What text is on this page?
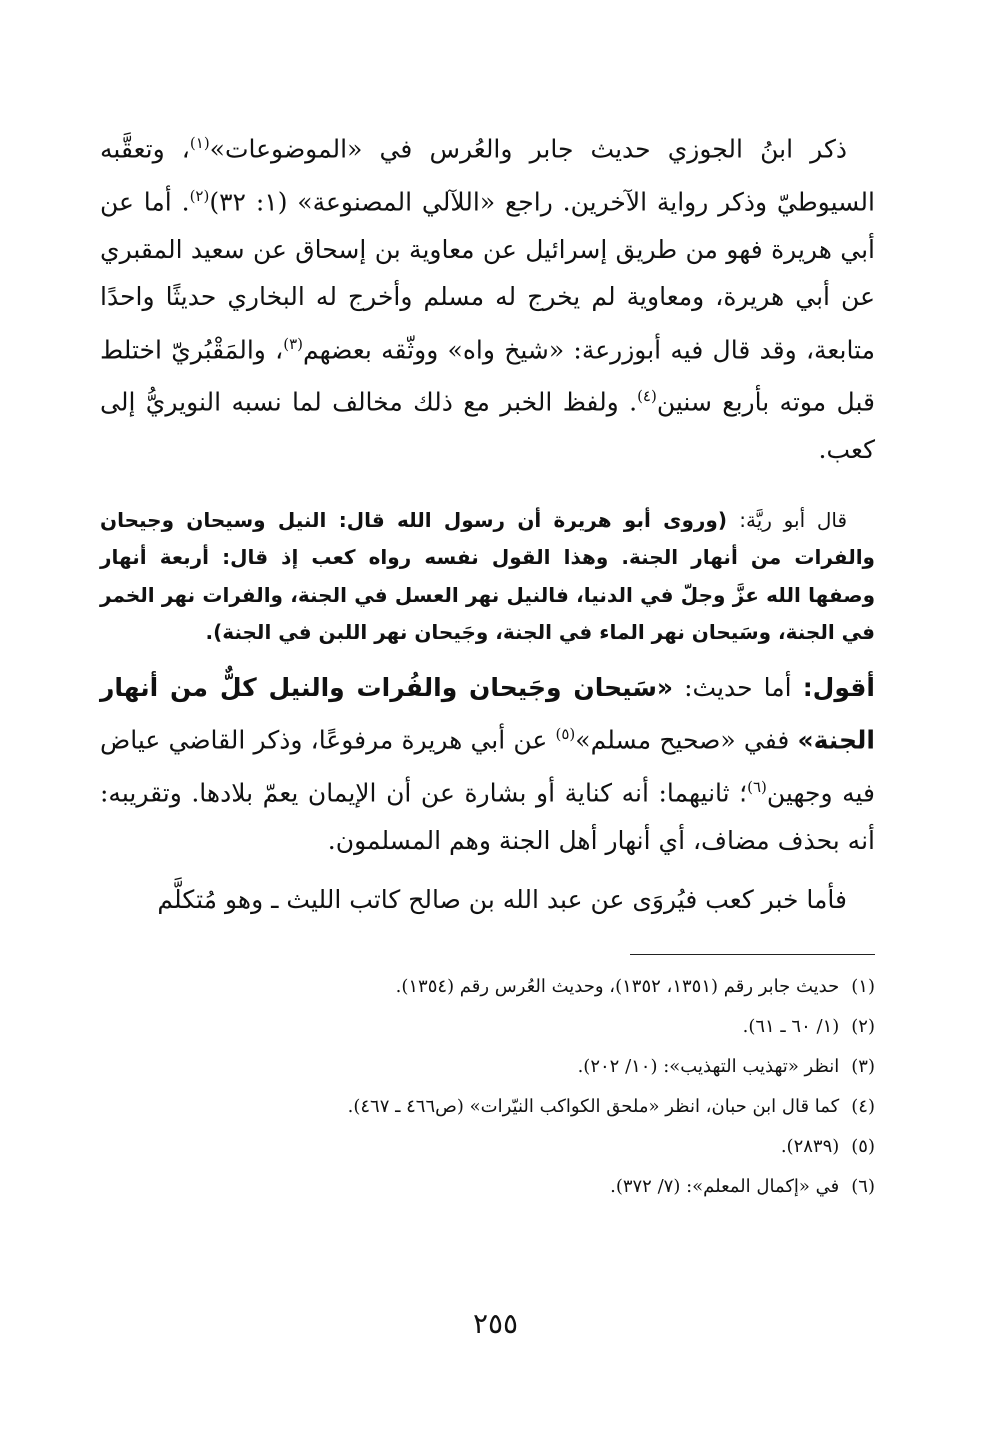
ذكر ابنُ الجوزي حديث جابر والعُرس في «الموضوعات»$^{(١)}$، وتعقَّبه السيوطيّ وذكر رواية الآخرين. راجع «اللآلي المصنوعة» (١: ٣٢)$^{(٢)}$. أما عن أبي هريرة فهو من طريق إسرائيل عن معاوية بن إسحاق عن سعيد المقبري عن أبي هريرة، ومعاوية لم يخرج له مسلم وأخرج له البخاري حديثًا واحدًا متابعة، وقد قال فيه أبوزرعة: «شيخ واه» ووثّقه بعضهم$^{(٣)}$، والمَقْبُريّ اختلط قبل موته بأربع سنين$^{(٤)}$. ولفظ الخبر مع ذلك مخالف لما نسبه النويريُّ إلى كعب.

قال أبو ريَّة: (وروى أبو هريرة أن رسول الله قال: النيل وسيحان وجيحان والفرات من أنهار الجنة. وهذا القول نفسه رواه كعب إذ قال: أربعة أنهار وصفها الله عزَّ وجلّ في الدنيا، فالنيل نهر العسل في الجنة، والفرات نهر الخمر في الجنة، وسَيحان نهر الماء في الجنة، وجَيحان نهر اللبن في الجنة).

أقول: أما حديث: «سَيحان وجَيحان والفُرات والنيل كلٌّ من أنهار الجنة» ففي «صحيح مسلم»$^{(٥)}$ عن أبي هريرة مرفوعًا، وذكر القاضي عياض فيه وجهين$^{(٦)}$؛ ثانيهما: أنه كناية أو بشارة عن أن الإيمان يعمّ بلادها. وتقريبه: أنه بحذف مضاف، أي أنهار أهل الجنة وهم المسلمون.

فأما خبر كعب فيُروَى عن عبد الله بن صالح كاتب الليث ـ وهو مُتكلَّم

(١)
حديث جابر رقم (١٣٥١، ١٣٥٢)، وحديث العُرس رقم (١٣٥٤).
(٢)
(١/ ٦٠ ـ ٦١).
(٣)
انظر «تهذيب التهذيب»: (١٠/ ٢٠٢).
(٤)
كما قال ابن حبان، انظر «ملحق الكواكب النيّرات» (ص٤٦٦ ـ ٤٦٧).
(٥)
(٢٨٣٩).
(٦)
في «إكمال المعلم»: (٧/ ٣٧٢).
٢٥٥
